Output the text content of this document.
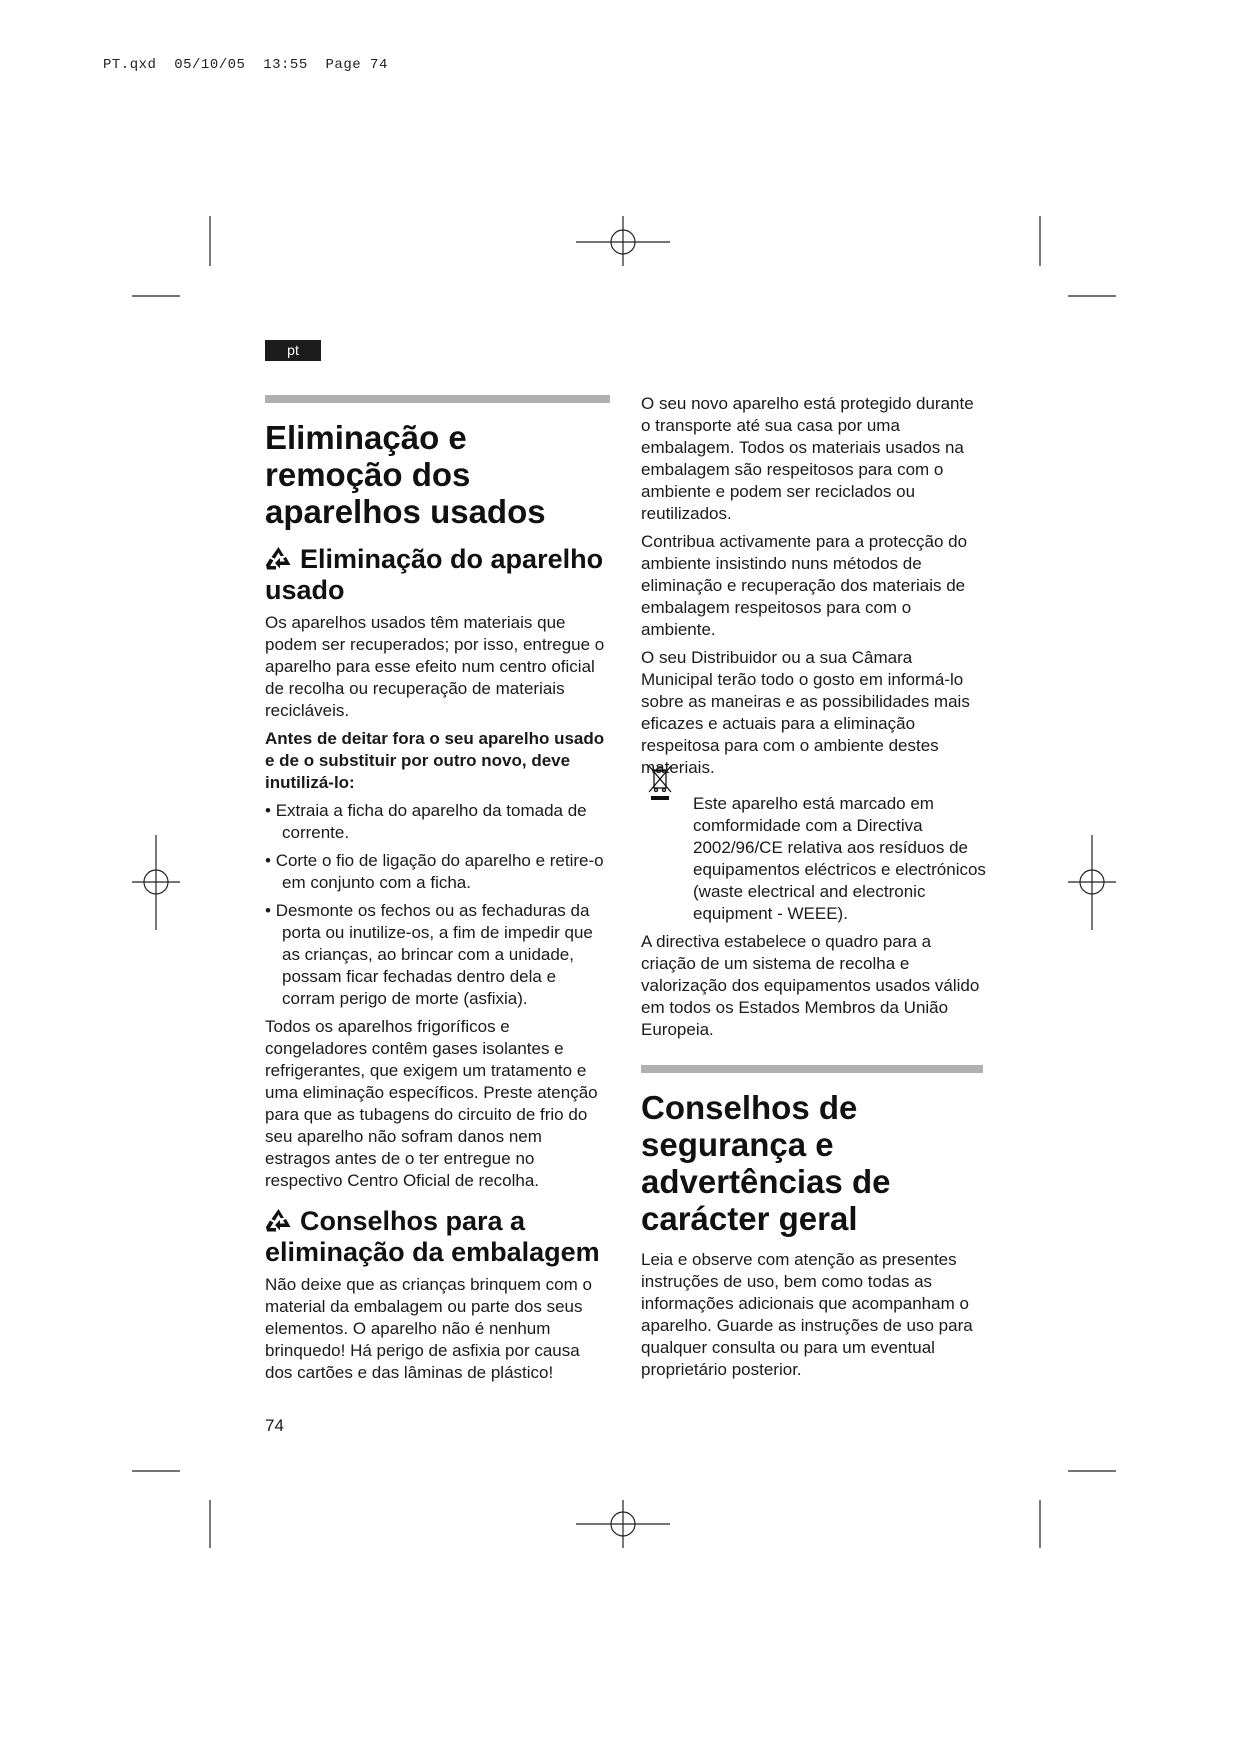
PT.qxd  05/10/05  13:55  Page 74
pt
Eliminação e remoção dos aparelhos usados
Eliminação do aparelho usado

Os aparelhos usados têm materiais que podem ser recuperados; por isso, entregue o aparelho para esse efeito num centro oficial de recolha ou recuperação de materiais recicláveis.

Antes de deitar fora o seu aparelho usado e de o substituir por outro novo, deve inutilizá-lo:

• Extraia a ficha do aparelho da tomada de corrente.
• Corte o fio de ligação do aparelho e retire-o em conjunto com a ficha.
• Desmonte os fechos ou as fechaduras da porta ou inutilize-os, a fim de impedir que as crianças, ao brincar com a unidade, possam ficar fechadas dentro dela e corram perigo de morte (asfixia).

Todos os aparelhos frigoríficos e congeladores contêm gases isolantes e refrigerantes, que exigem um tratamento e uma eliminação específicos. Preste atenção para que as tubagens do circuito de frio do seu aparelho não sofram danos nem estragos antes de o ter entregue no respectivo Centro Oficial de recolha.

Conselhos para a eliminação da embalagem

Não deixe que as crianças brinquem com o material da embalagem ou parte dos seus elementos. O aparelho não é nenhum brinquedo! Há perigo de asfixia por causa dos cartões e das lâminas de plástico!

74

O seu novo aparelho está protegido durante o transporte até sua casa por uma embalagem. Todos os materiais usados na embalagem são respeitosos para com o ambiente e podem ser reciclados ou reutilizados.

Contribua activamente para a protecção do ambiente insistindo nuns métodos de eliminação e recuperação dos materiais de embalagem respeitosos para com o ambiente.

O seu Distribuidor ou a sua Câmara Municipal terão todo o gosto em informá-lo sobre as maneiras e as possibilidades mais eficazes e actuais para a eliminação respeitosa para com o ambiente destes materiais.

Este aparelho está marcado em comformidade com a Directiva 2002/96/CE relativa aos resíduos de equipamentos eléctricos e electrónicos (waste electrical and electronic equipment - WEEE).

A directiva estabelece o quadro para a criação de um sistema de recolha e valorização dos equipamentos usados válido em todos os Estados Membros da União Europeia.

Conselhos de segurança e advertências de carácter geral

Leia e observe com atenção as presentes instruções de uso, bem como todas as informações adicionais que acompanham o aparelho. Guarde as instruções de uso para qualquer consulta ou para um eventual proprietário posterior.
